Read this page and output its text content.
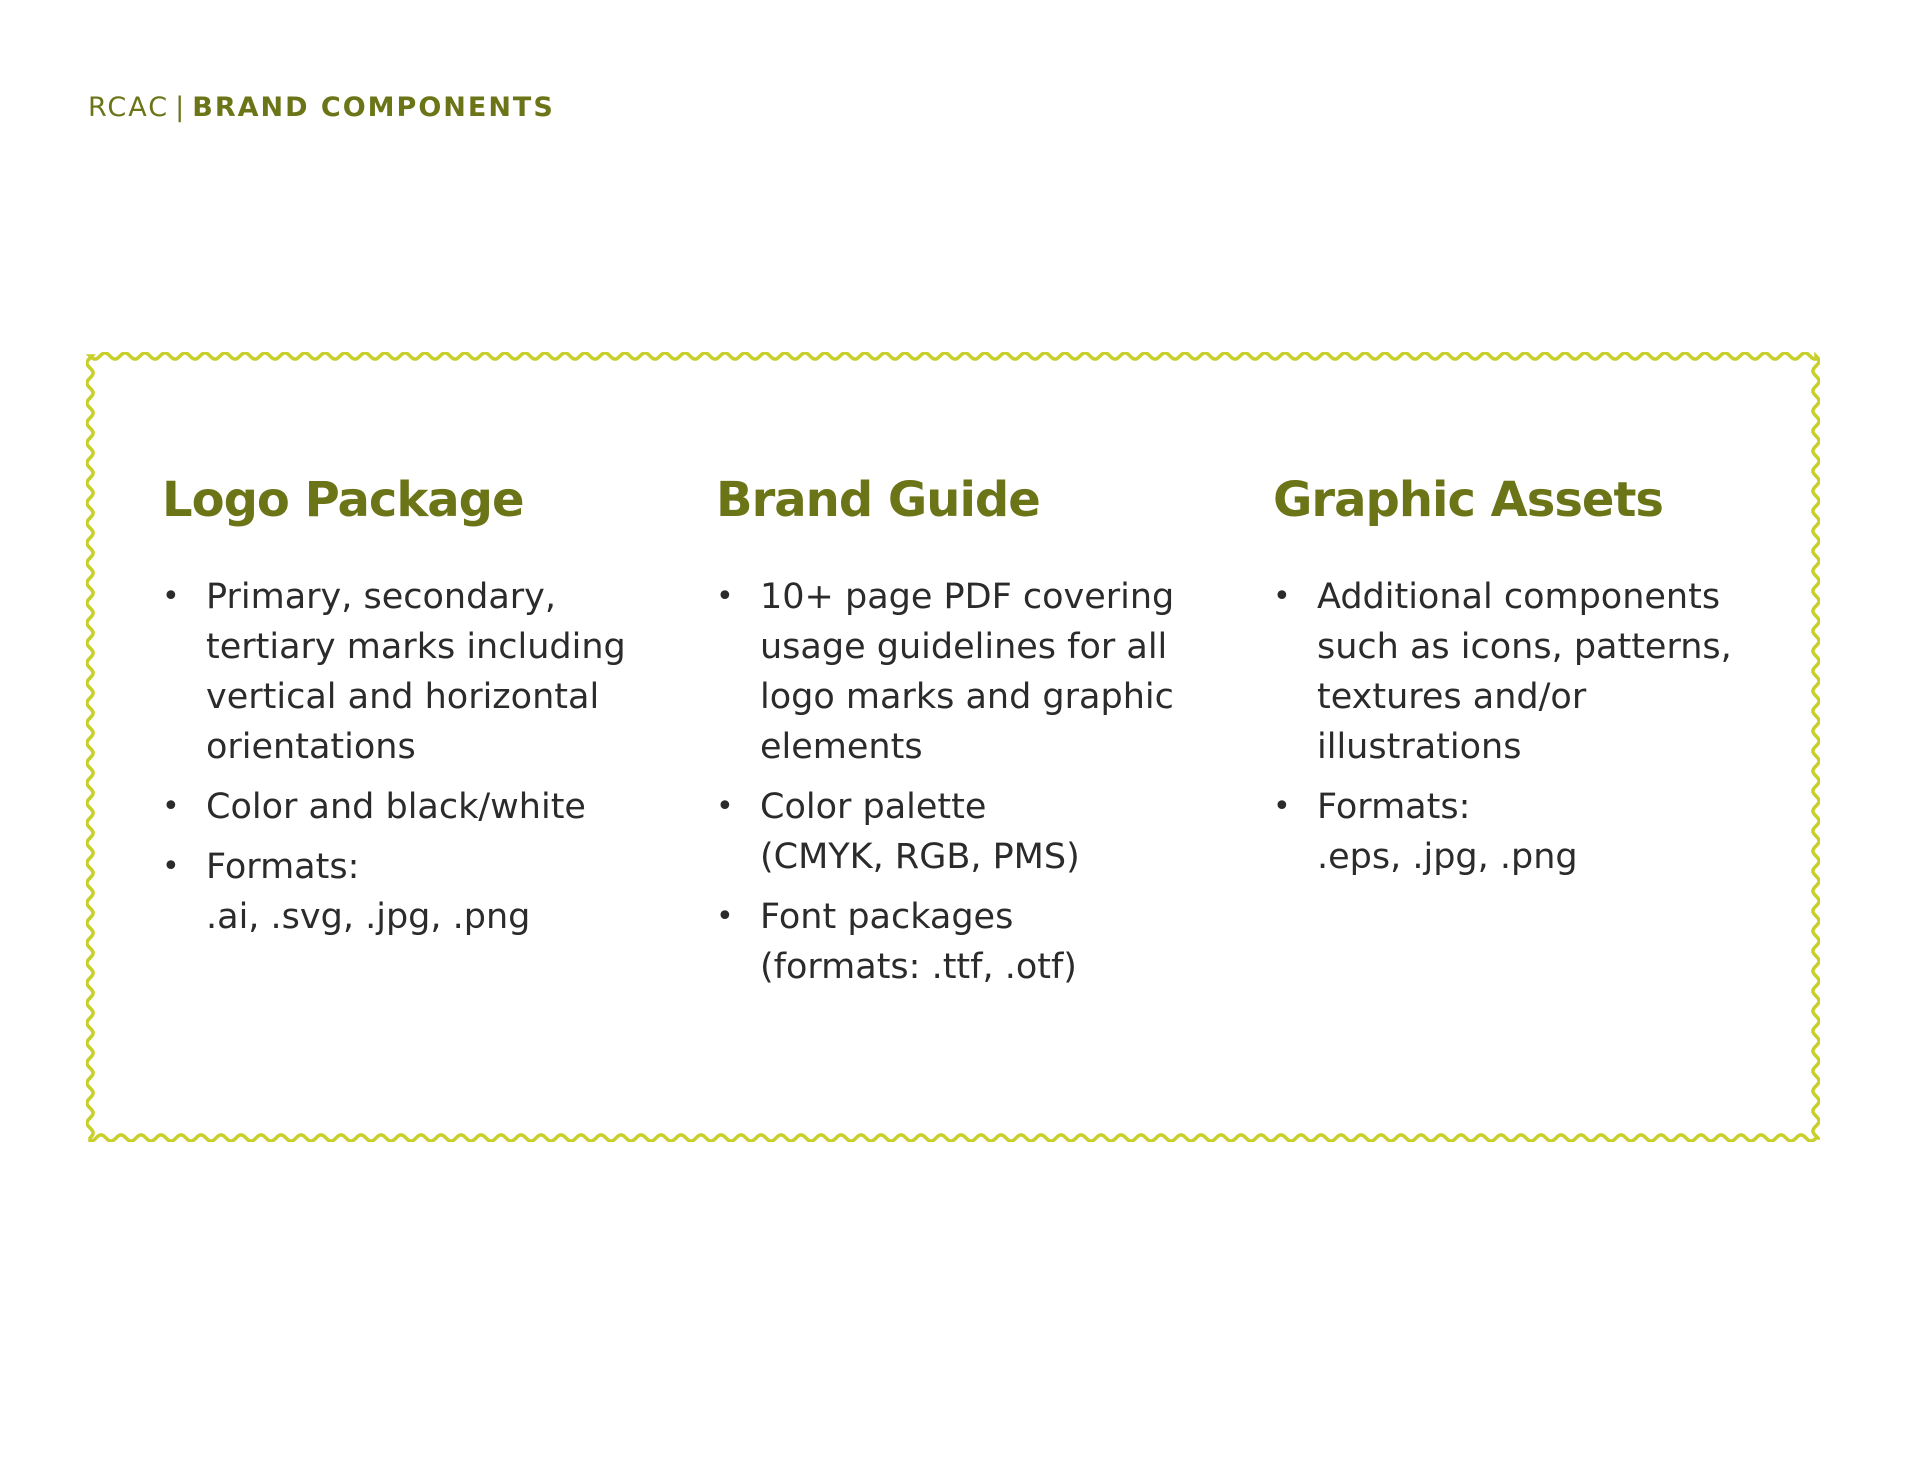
RCAC | BRAND COMPONENTS
Logo Package
• Primary, secondary,
tertiary marks including
vertical and horizontal
orientations
• Color and black/white
• Formats:
.ai, .svg, .jpg, .png
Brand Guide
• 10+ page PDF covering
usage guidelines for all
logo marks and graphic
elements
• Color palette
(CMYK, RGB, PMS)
• Font packages
(formats: .ttf, .otf)
Graphic Assets
• Additional components
such as icons, patterns,
textures and/or
illustrations
• Formats:
.eps, .jpg, .png
